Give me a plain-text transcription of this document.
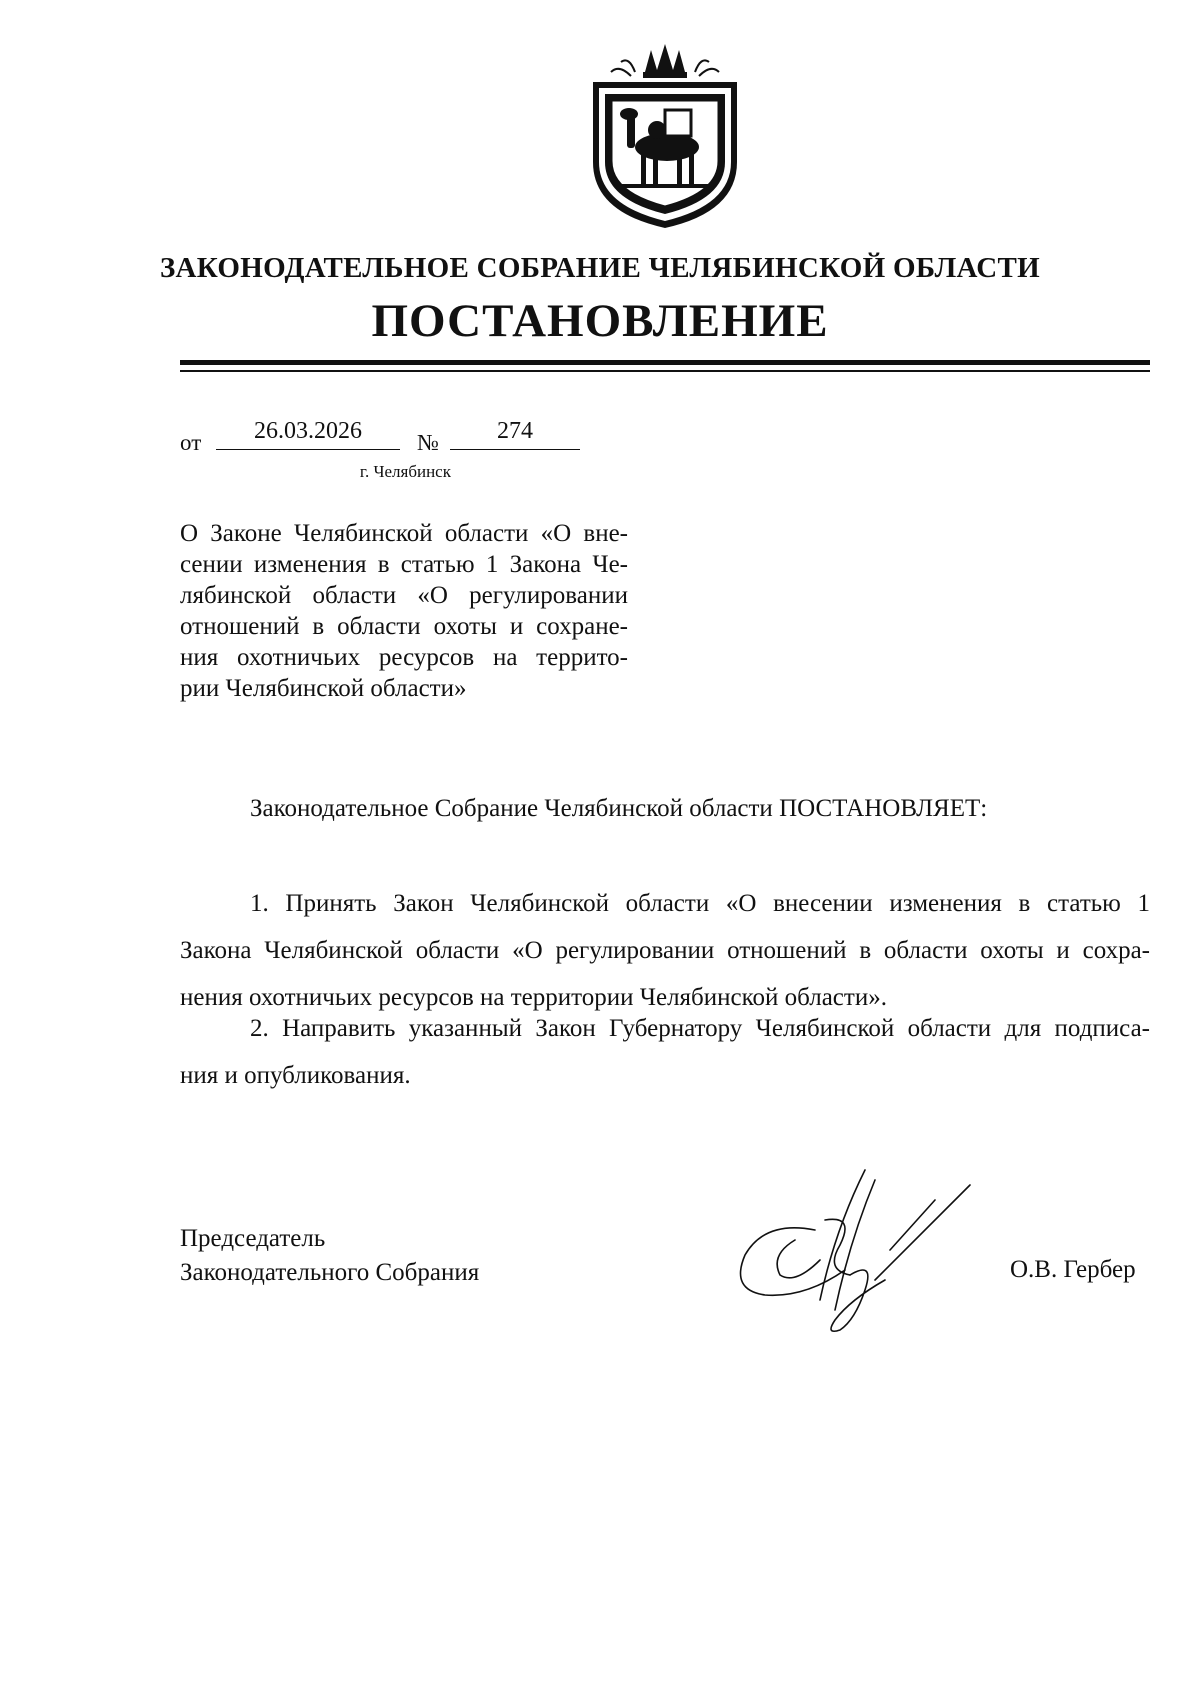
ЗАКОНОДАТЕЛЬНОЕ СОБРАНИЕ ЧЕЛЯБИНСКОЙ ОБЛАСТИ
ПОСТАНОВЛЕНИЕ
от	26.03.2026	№	274
г. Челябинск
О Законе Челябинской области «О вне-
сении изменения в статью 1 Закона Че-
лябинской области «О регулировании
отношений в области охоты и сохране-
ния охотничьих ресурсов на террито-
рии Челябинской области»
Законодательное Собрание Челябинской области ПОСТАНОВЛЯЕТ:
1. Принять Закон Челябинской области «О внесении изменения в статью 1
Закона Челябинской области «О регулировании отношений в области охоты и сохра-
нения охотничьих ресурсов на территории Челябинской области».
2. Направить указанный Закон Губернатору Челябинской области для подписа-
ния и опубликования.
Председатель
Законодательного Собрания	О.В. Гербер
